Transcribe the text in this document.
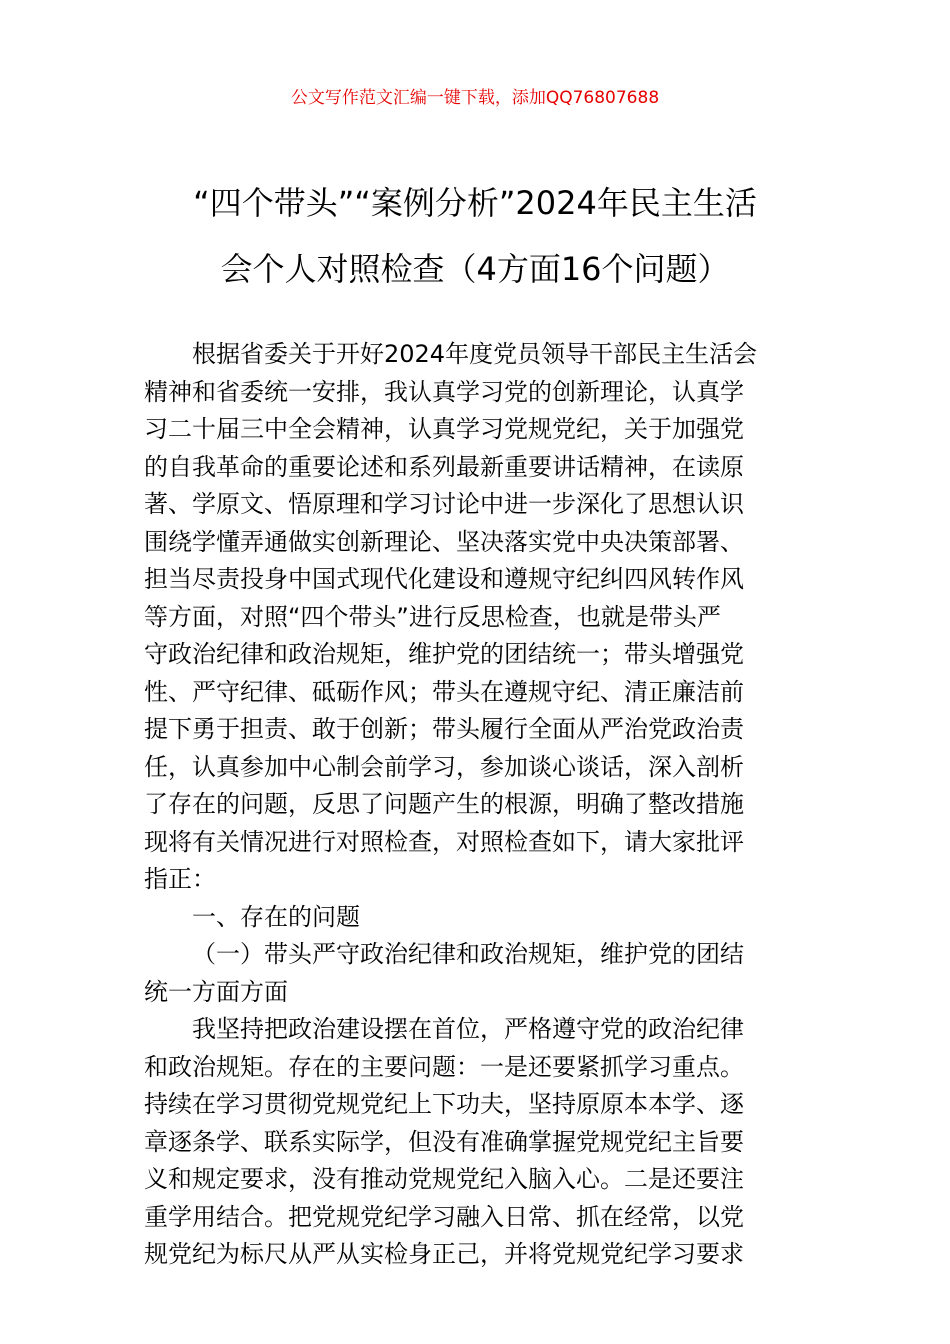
公文写作范文汇编一键下载，添加QQ76807688
“四个带头”“案例分析”2024年民主生活
会个人对照检查（4方面16个问题）

根据省委关于开好2024年度党员领导干部民主生活会
精神和省委统一安排，我认真学习党的创新理论，认真学
习二十届三中全会精神，认真学习党规党纪，关于加强党
的自我革命的重要论述和系列最新重要讲话精神，在读原
著、学原文、悟原理和学习讨论中进一步深化了思想认识
围绕学懂弄通做实创新理论、坚决落实党中央决策部署、
担当尽责投身中国式现代化建设和遵规守纪纠四风转作风
等方面，对照“四个带头”进行反思检查，也就是带头严
守政治纪律和政治规矩，维护党的团结统一；带头增强党
性、严守纪律、砥砺作风；带头在遵规守纪、清正廉洁前
提下勇于担责、敢于创新；带头履行全面从严治党政治责
任，认真参加中心制会前学习，参加谈心谈话，深入剖析
了存在的问题，反思了问题产生的根源，明确了整改措施
现将有关情况进行对照检查，对照检查如下，请大家批评
指正：

一、存在的问题

（一）带头严守政治纪律和政治规矩，维护党的团结
统一方面方面

我坚持把政治建设摆在首位，严格遵守党的政治纪律
和政治规矩。存在的主要问题：一是还要紧抓学习重点。
持续在学习贯彻党规党纪上下功夫，坚持原原本本学、逐
章逐条学、联系实际学，但没有准确掌握党规党纪主旨要
义和规定要求，没有推动党规党纪入脑入心。二是还要注
重学用结合。把党规党纪学习融入日常、抓在经常，以党
规党纪为标尺从严从实检身正己，并将党规党纪学习要求
